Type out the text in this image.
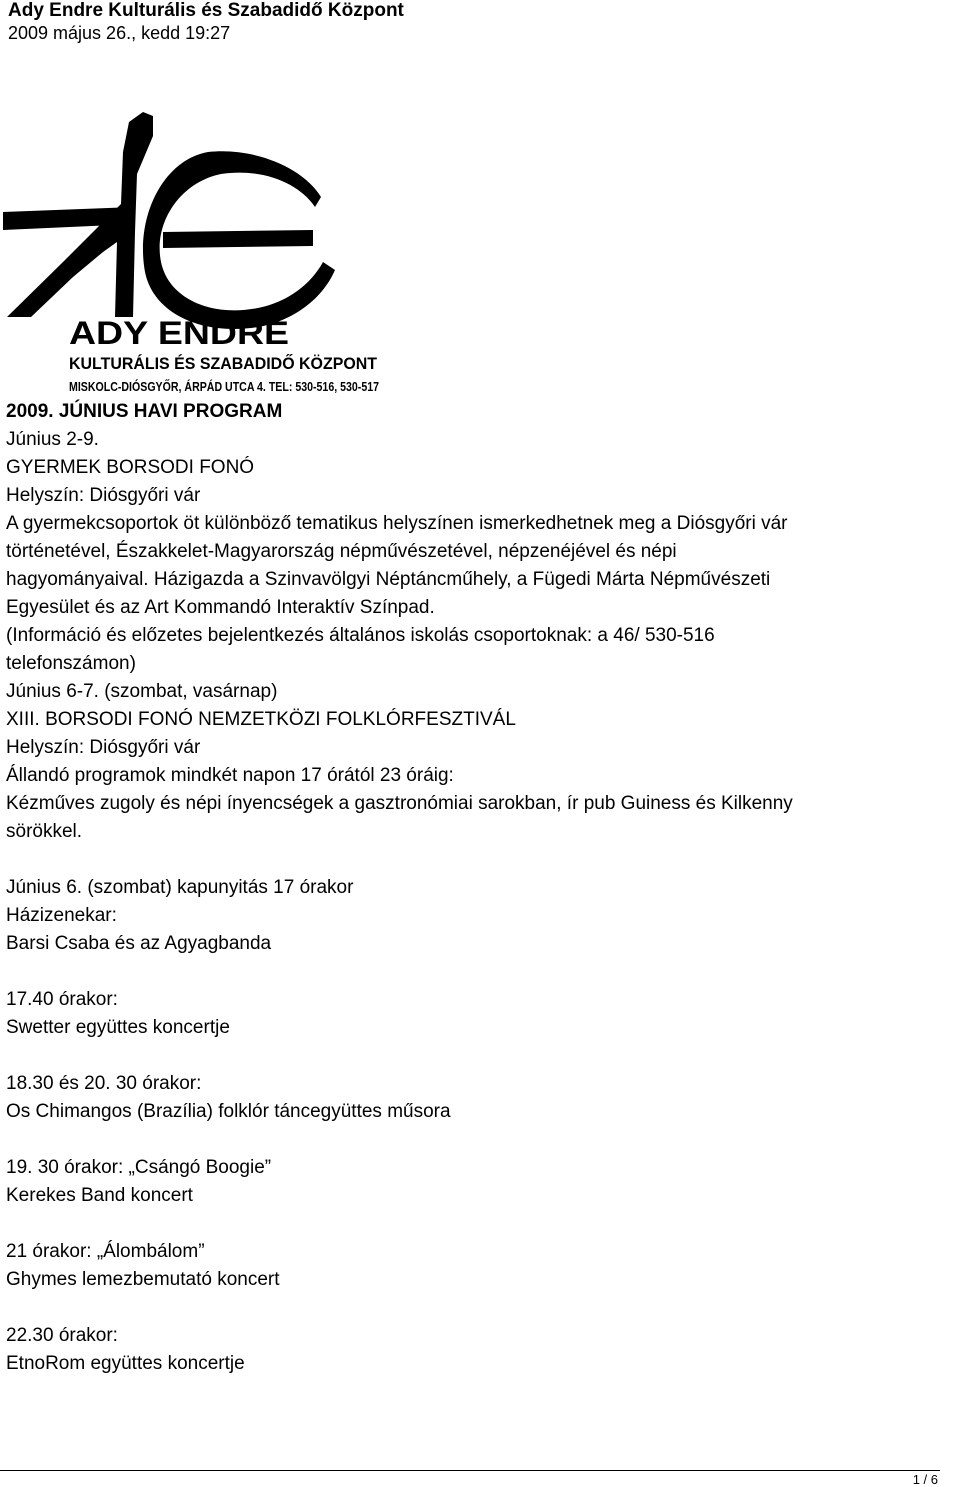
Ady Endre Kulturális és Szabadidő Központ
2009 május 26., kedd 19:27
ADY ENDRE
KULTURÁLIS ÉS SZABADIDŐ KÖZPONT
MISKOLC-DIÓSGYŐR, ÁRPÁD UTCA 4. TEL: 530-516, 530-517

2009. JÚNIUS HAVI PROGRAM

Június 2-9.

GYERMEK BORSODI FONÓ

Helyszín: Diósgyőri vár

A gyermekcsoportok öt különböző tematikus helyszínen ismerkedhetnek meg a Diósgyőri vár

történetével, Északkelet-Magyarország népművészetével, népzenéjével és népi

hagyományaival. Házigazda a Szinvavölgyi Néptáncműhely, a Fügedi Márta Népművészeti

Egyesület és az Art Kommandó Interaktív Színpad.

(Információ és előzetes bejelentkezés általános iskolás csoportoknak: a 46/ 530-516

telefonszámon)

Június 6-7. (szombat, vasárnap)

XIII. BORSODI FONÓ NEMZETKÖZI FOLKLÓRFESZTIVÁL

Helyszín: Diósgyőri vár

Állandó programok mindkét napon 17 órától 23 óráig:

Kézműves zugoly és népi ínyencségek a gasztronómiai sarokban, ír pub Guiness és Kilkenny

sörökkel.

Június 6. (szombat) kapunyitás 17 órakor

Házizenekar:

Barsi Csaba és az Agyagbanda

17.40 órakor:

Swetter együttes koncertje

18.30 és 20. 30 órakor:

Os Chimangos (Brazília) folklór táncegyüttes műsora

19. 30 órakor: „Csángó Boogie”

Kerekes Band koncert

21 órakor: „Álombálom”

Ghymes lemezbemutató koncert

22.30 órakor:

EtnoRom együttes koncertje

1 / 6
